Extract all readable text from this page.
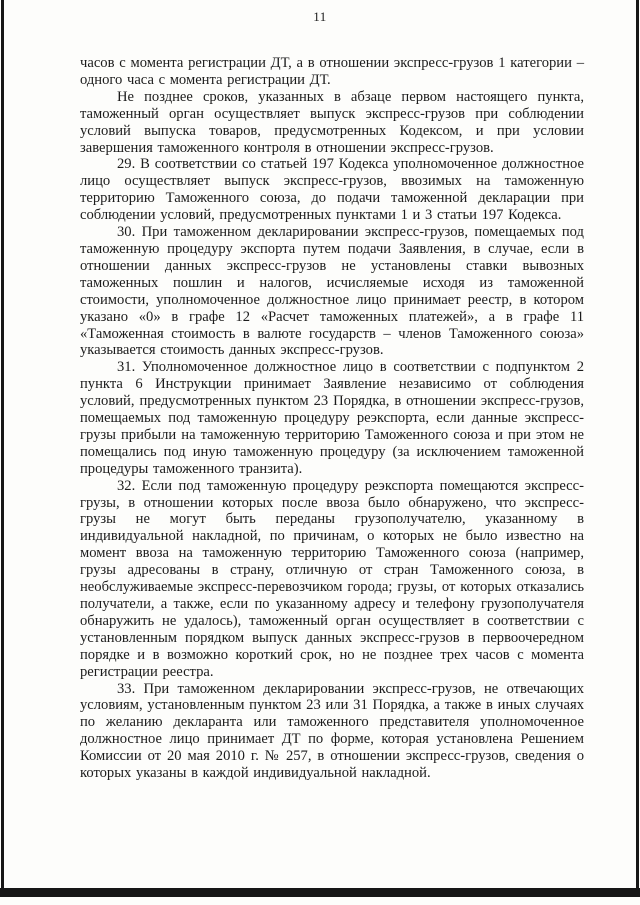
11

часов с момента регистрации ДТ, а в отношении экспресс-грузов 1 категории – одного часа с момента регистрации ДТ.

Не позднее сроков, указанных в абзаце первом настоящего пункта, таможенный орган осуществляет выпуск экспресс-грузов при соблюдении условий выпуска товаров, предусмотренных Кодексом, и при условии завершения таможенного контроля в отношении экспресс-грузов.

29. В соответствии со статьей 197 Кодекса уполномоченное должностное лицо осуществляет выпуск экспресс-грузов, ввозимых на таможенную территорию Таможенного союза, до подачи таможенной декларации при соблюдении условий, предусмотренных пунктами 1 и 3 статьи 197 Кодекса.

30. При таможенном декларировании экспресс-грузов, помещаемых под таможенную процедуру экспорта путем подачи Заявления, в случае, если в отношении данных экспресс-грузов не установлены ставки вывозных таможенных пошлин и налогов, исчисляемые исходя из таможенной стоимости, уполномоченное должностное лицо принимает реестр, в котором указано «0» в графе 12 «Расчет таможенных платежей», а в графе 11 «Таможенная стоимость в валюте государств – членов Таможенного союза» указывается стоимость данных экспресс-грузов.

31. Уполномоченное должностное лицо в соответствии с подпунктом 2 пункта 6 Инструкции принимает Заявление независимо от соблюдения условий, предусмотренных пунктом 23 Порядка, в отношении экспресс-грузов, помещаемых под таможенную процедуру реэкспорта, если данные экспресс-грузы прибыли на таможенную территорию Таможенного союза и при этом не помещались под иную таможенную процедуру (за исключением таможенной процедуры таможенного транзита).

32. Если под таможенную процедуру реэкспорта помещаются экспресс-грузы, в отношении которых после ввоза было обнаружено, что экспресс-грузы не могут быть переданы грузополучателю, указанному в индивидуальной накладной, по причинам, о которых не было известно на момент ввоза на таможенную территорию Таможенного союза (например, грузы адресованы в страну, отличную от стран Таможенного союза, в необслуживаемые экспресс-перевозчиком города; грузы, от которых отказались получатели, а также, если по указанному адресу и телефону грузополучателя обнаружить не удалось), таможенный орган осуществляет в соответствии с установленным порядком выпуск данных экспресс-грузов в первоочередном порядке и в возможно короткий срок, но не позднее трех часов с момента регистрации реестра.

33. При таможенном декларировании экспресс-грузов, не отвечающих условиям, установленным пунктом 23 или 31 Порядка, а также в иных случаях по желанию декларанта или таможенного представителя уполномоченное должностное лицо принимает ДТ по форме, которая установлена Решением Комиссии от 20 мая 2010 г. № 257, в отношении экспресс-грузов, сведения о которых указаны в каждой индивидуальной накладной.
